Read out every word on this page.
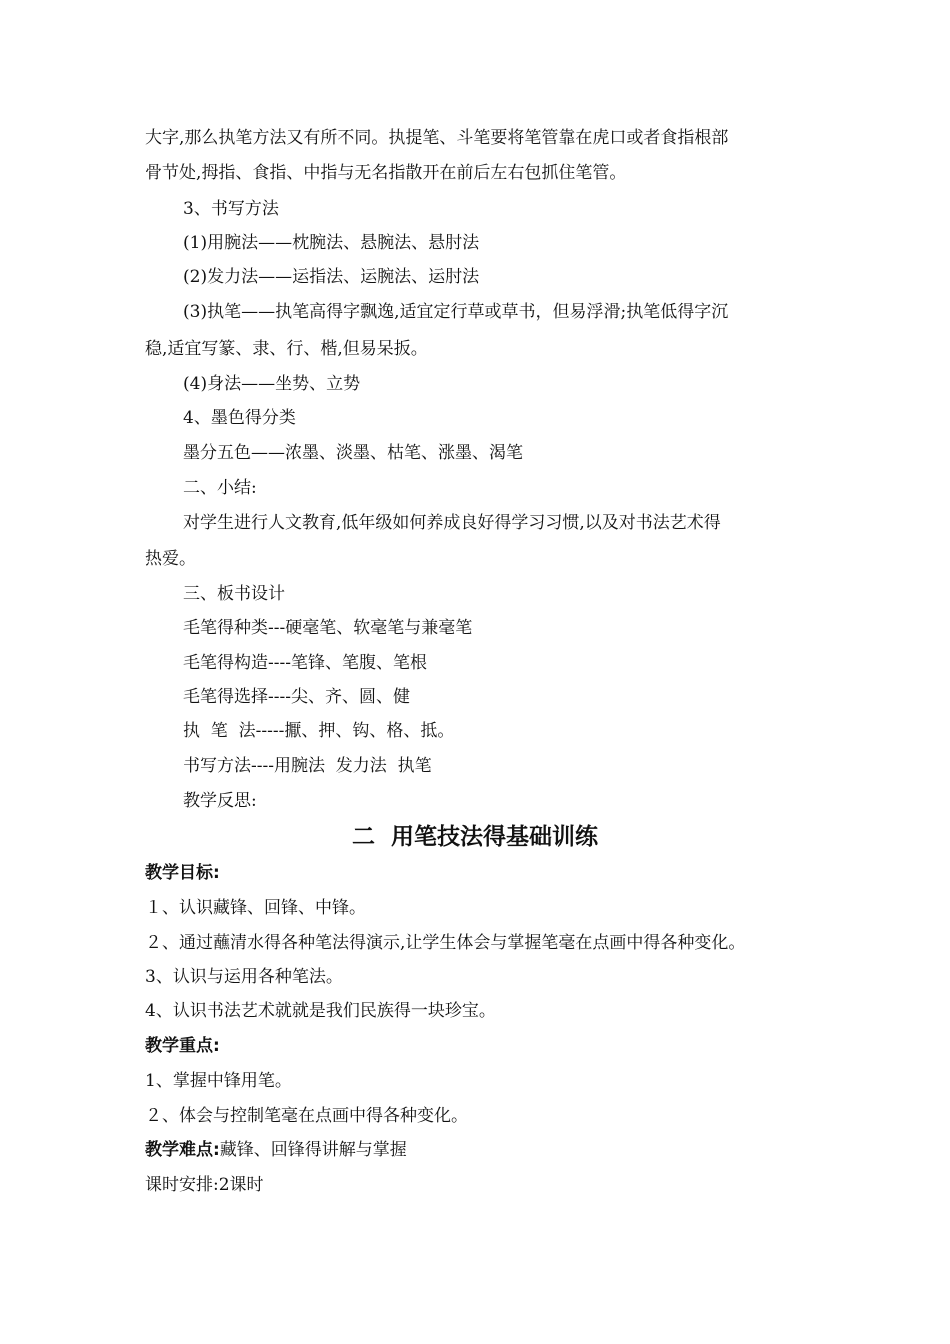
大字,那么执笔方法又有所不同。执提笔、斗笔要将笔管靠在虎口或者食指根部
骨节处,拇指、食指、中指与无名指散开在前后左右包抓住笔管。
3、书写方法
(1)用腕法——枕腕法、悬腕法、悬肘法
(2)发力法——运指法、运腕法、运肘法
(3)执笔——执笔高得字飘逸,适宜定行草或草书，但易浮滑;执笔低得字沉
稳,适宜写篆、隶、行、楷,但易呆扳。
(4)身法——坐势、立势
4、墨色得分类
墨分五色——浓墨、淡墨、枯笔、涨墨、渴笔
二、小结:
对学生进行人文教育,低年级如何养成良好得学习习惯,以及对书法艺术得
热爱。
三、板书设计
毛笔得种类---硬毫笔、软毫笔与兼毫笔
毛笔得构造----笔锋、笔腹、笔根
毛笔得选择----尖、齐、圆、健
执  笔  法-----擫、押、钩、格、抵。
书写方法----用腕法  发力法  执笔
教学反思:
二  用笔技法得基础训练
教学目标:
１、认识藏锋、回锋、中锋。
２、通过蘸清水得各种笔法得演示,让学生体会与掌握笔毫在点画中得各种变化。
3、认识与运用各种笔法。
4、认识书法艺术就就是我们民族得一块珍宝。
教学重点:
1、掌握中锋用笔。
２、体会与控制笔毫在点画中得各种变化。
教学难点:藏锋、回锋得讲解与掌握
课时安排:2课时
